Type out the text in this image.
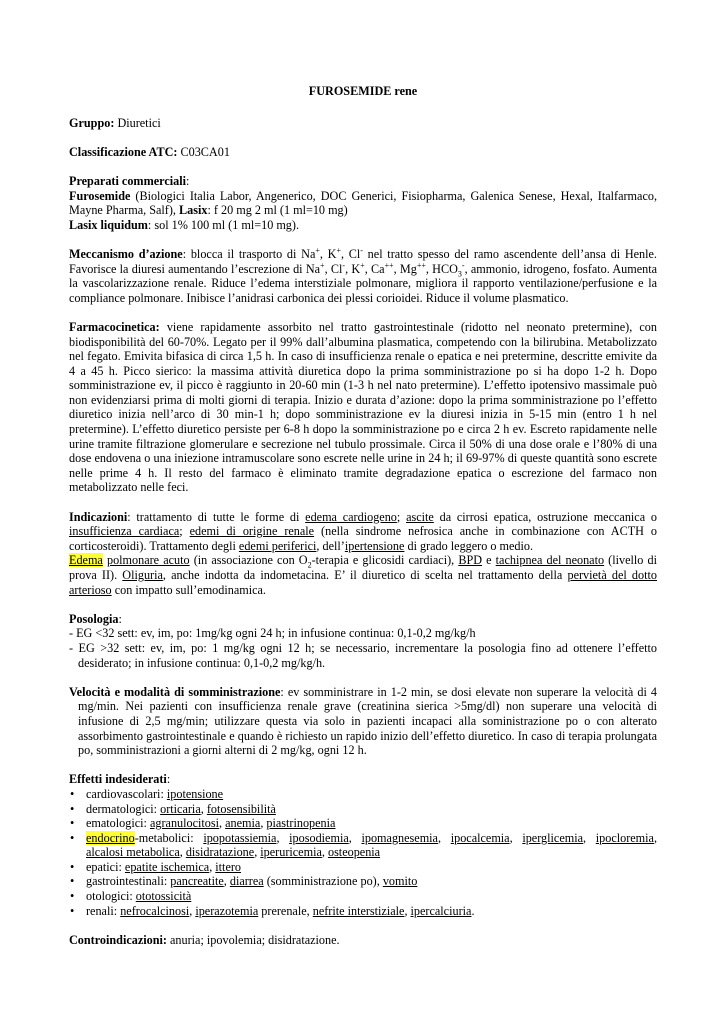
FUROSEMIDE rene

Gruppo: Diuretici

Classificazione ATC: C03CA01

Preparati commerciali:
Furosemide (Biologici Italia Labor, Angenerico, DOC Generici, Fisiopharma, Galenica Senese, Hexal, Italfarmaco, Mayne Pharma, Salf), Lasix: f 20 mg 2 ml (1 ml=10 mg)
Lasix liquidum: sol 1% 100 ml (1 ml=10 mg).

Meccanismo d’azione: blocca il trasporto di Na+, K+, Cl- nel tratto spesso del ramo ascendente dell’ansa di Henle. Favorisce la diuresi aumentando l’escrezione di Na+, Cl-, K+, Ca++, Mg++, $HCO_3^-$, ammonio, idrogeno, fosfato. Aumenta la vascolarizzazione renale. Riduce l’edema interstiziale polmonare, migliora il rapporto ventilazione/perfusione e la compliance polmonare. Inibisce l’anidrasi carbonica dei plessi corioidei. Riduce il volume plasmatico.

Farmacocinetica: viene rapidamente assorbito nel tratto gastrointestinale (ridotto nel neonato pretermine), con biodisponibilità del 60-70%. Legato per il 99% dall’albumina plasmatica, competendo con la bilirubina. Metabolizzato nel fegato. Emivita bifasica di circa 1,5 h. In caso di insufficienza renale o epatica e nei pretermine, descritte emivite da 4 a 45 h. Picco sierico: la massima attività diuretica dopo la prima somministrazione po si ha dopo 1-2 h. Dopo somministrazione ev, il picco è raggiunto in 20-60 min (1-3 h nel nato pretermine). L’effetto ipotensivo massimale può non evidenziarsi prima di molti giorni di terapia. Inizio e durata d’azione: dopo la prima somministrazione po l’effetto diuretico inizia nell’arco di 30 min-1 h; dopo somministrazione ev la diuresi inizia in 5-15 min (entro 1 h nel pretermine). L’effetto diuretico persiste per 6-8 h dopo la somministrazione po e circa 2 h ev. Escreto rapidamente nelle urine tramite filtrazione glomerulare e secrezione nel tubulo prossimale. Circa il 50% di una dose orale e l’80% di una dose endovena o una iniezione intramuscolare sono escrete nelle urine in 24 h; il 69-97% di queste quantità sono escrete nelle prime 4 h. Il resto del farmaco è eliminato tramite degradazione epatica o escrezione del farmaco non metabolizzato nelle feci.

Indicazioni: trattamento di tutte le forme di edema cardiogeno; ascite da cirrosi epatica, ostruzione meccanica o insufficienza cardiaca; edemi di origine renale (nella sindrome nefrosica anche in combinazione con ACTH o corticosteroidi). Trattamento degli edemi periferici, dell’ipertensione di grado leggero o medio.
Edema polmonare acuto (in associazione con $O_2$-terapia e glicosidi cardiaci), BPD e tachipnea del neonato (livello di prova II). Oliguria, anche indotta da indometacina. E’ il diuretico di scelta nel trattamento della pervietà del dotto arterioso con impatto sull’emodinamica.

Posologia:
- EG <32 sett: ev, im, po: 1mg/kg ogni 24 h; in infusione continua: 0,1-0,2 mg/kg/h
- EG >32 sett: ev, im, po: 1 mg/kg ogni 12 h; se necessario, incrementare la posologia fino ad ottenere l’effetto desiderato; in infusione continua: 0,1-0,2 mg/kg/h.

Velocità e modalità di somministrazione: ev somministrare in 1-2 min, se dosi elevate non superare la velocità di 4 mg/min. Nei pazienti con insufficienza renale grave (creatinina sierica >5mg/dl) non superare una velocità di infusione di 2,5 mg/min; utilizzare questa via solo in pazienti incapaci alla soministrazione po o con alterato assorbimento gastrointestinale e quando è richiesto un rapido inizio dell’effetto diuretico. In caso di terapia prolungata po, somministrazioni a giorni alterni di 2 mg/kg, ogni 12 h.

Effetti indesiderati:
• cardiovascolari: ipotensione
• dermatologici: orticaria, fotosensibilità
• ematologici: agranulocitosi, anemia, piastrinopenia
• endocrino-metabolici: ipopotassiemia, iposodiemia, ipomagnesemia, ipocalcemia, iperglicemia, ipocloremia, alcalosi metabolica, disidratazione, iperuricemia, osteopenia
• epatici: epatite ischemica, ittero
• gastrointestinali: pancreatite, diarrea (somministrazione po), vomito
• otologici: ototossicità
• renali: nefrocalcinosi, iperazotemia prerenale, nefrite interstiziale, ipercalciuria.

Controindicazioni: anuria; ipovolemia; disidratazione.
